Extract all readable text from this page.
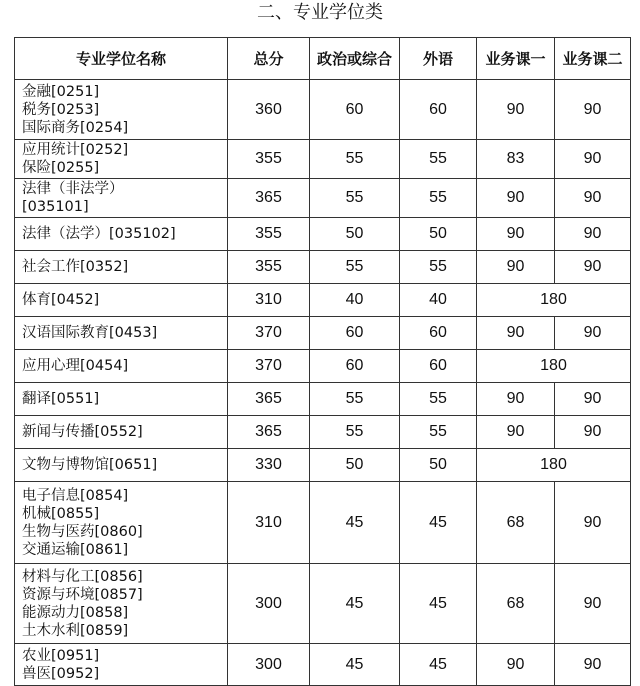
二、专业学位类
专业学位名称	总分	政治或综合	外语	业务课一	业务课二

金融[0251]
税务[0253]
国际商务[0254]	360	60	60	90	90

应用统计[0252]
保险[0255]	355	55	55	83	90

法律（非法学）
[035101]	365	55	55	90	90

法律（法学）[035102]	355	50	50	90	90

社会工作[0352]	355	55	55	90	90

体育[0452]	310	40	40	180	

汉语国际教育[0453]	370	60	60	90	90

应用心理[0454]	370	60	60	180	

翻译[0551]	365	55	55	90	90

新闻与传播[0552]	365	55	55	90	90

文物与博物馆[0651]	330	50	50	180	

电子信息[0854]
机械[0855]
生物与医药[0860]
交通运输[0861]	310	45	45	68	90

材料与化工[0856]
资源与环境[0857]
能源动力[0858]
土木水利[0859]	300	45	45	68	90

农业[0951]
兽医[0952]	300	45	45	90	90
